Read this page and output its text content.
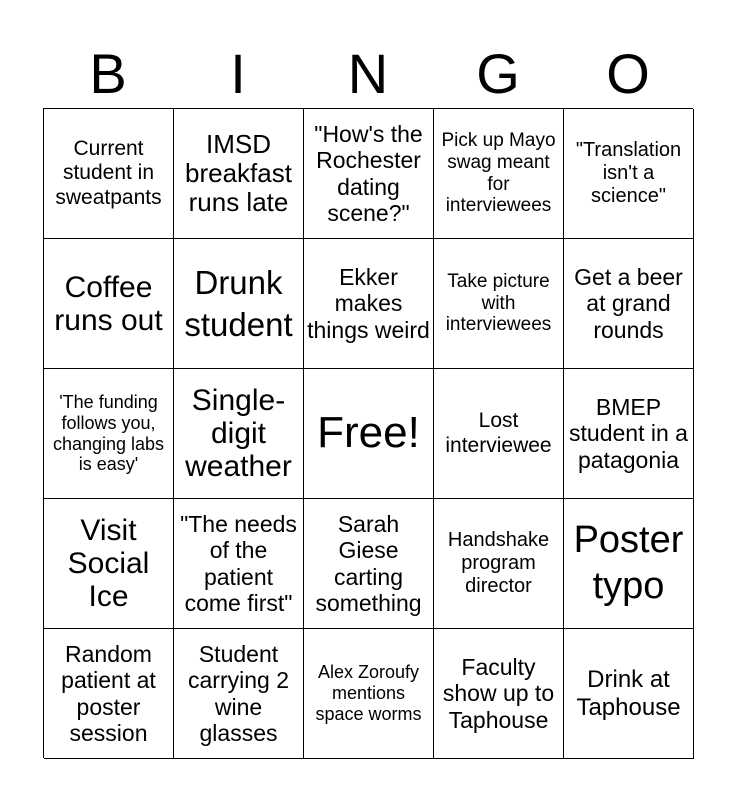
B	I	N	G	O
Current student in sweatpants
IMSD breakfast runs late
"How's the Rochester dating scene?"
Pick up Mayo swag meant for interviewees
"Translation isn't a science"
Coffee runs out
Drunk student
Ekker makes things weird
Take picture with interviewees
Get a beer at grand rounds
'The funding follows you, changing labs is easy'
Single-digit weather
Free!	Lost interviewee
BMEP student in a patagonia
Visit Social Ice
"The needs of the patient come first"
Sarah Giese carting something
Handshake program director
Poster typo
Random patient at poster session
Student carrying 2 wine glasses
Alex Zoroufy mentions space worms
Faculty show up to Taphouse
Drink at Taphouse
